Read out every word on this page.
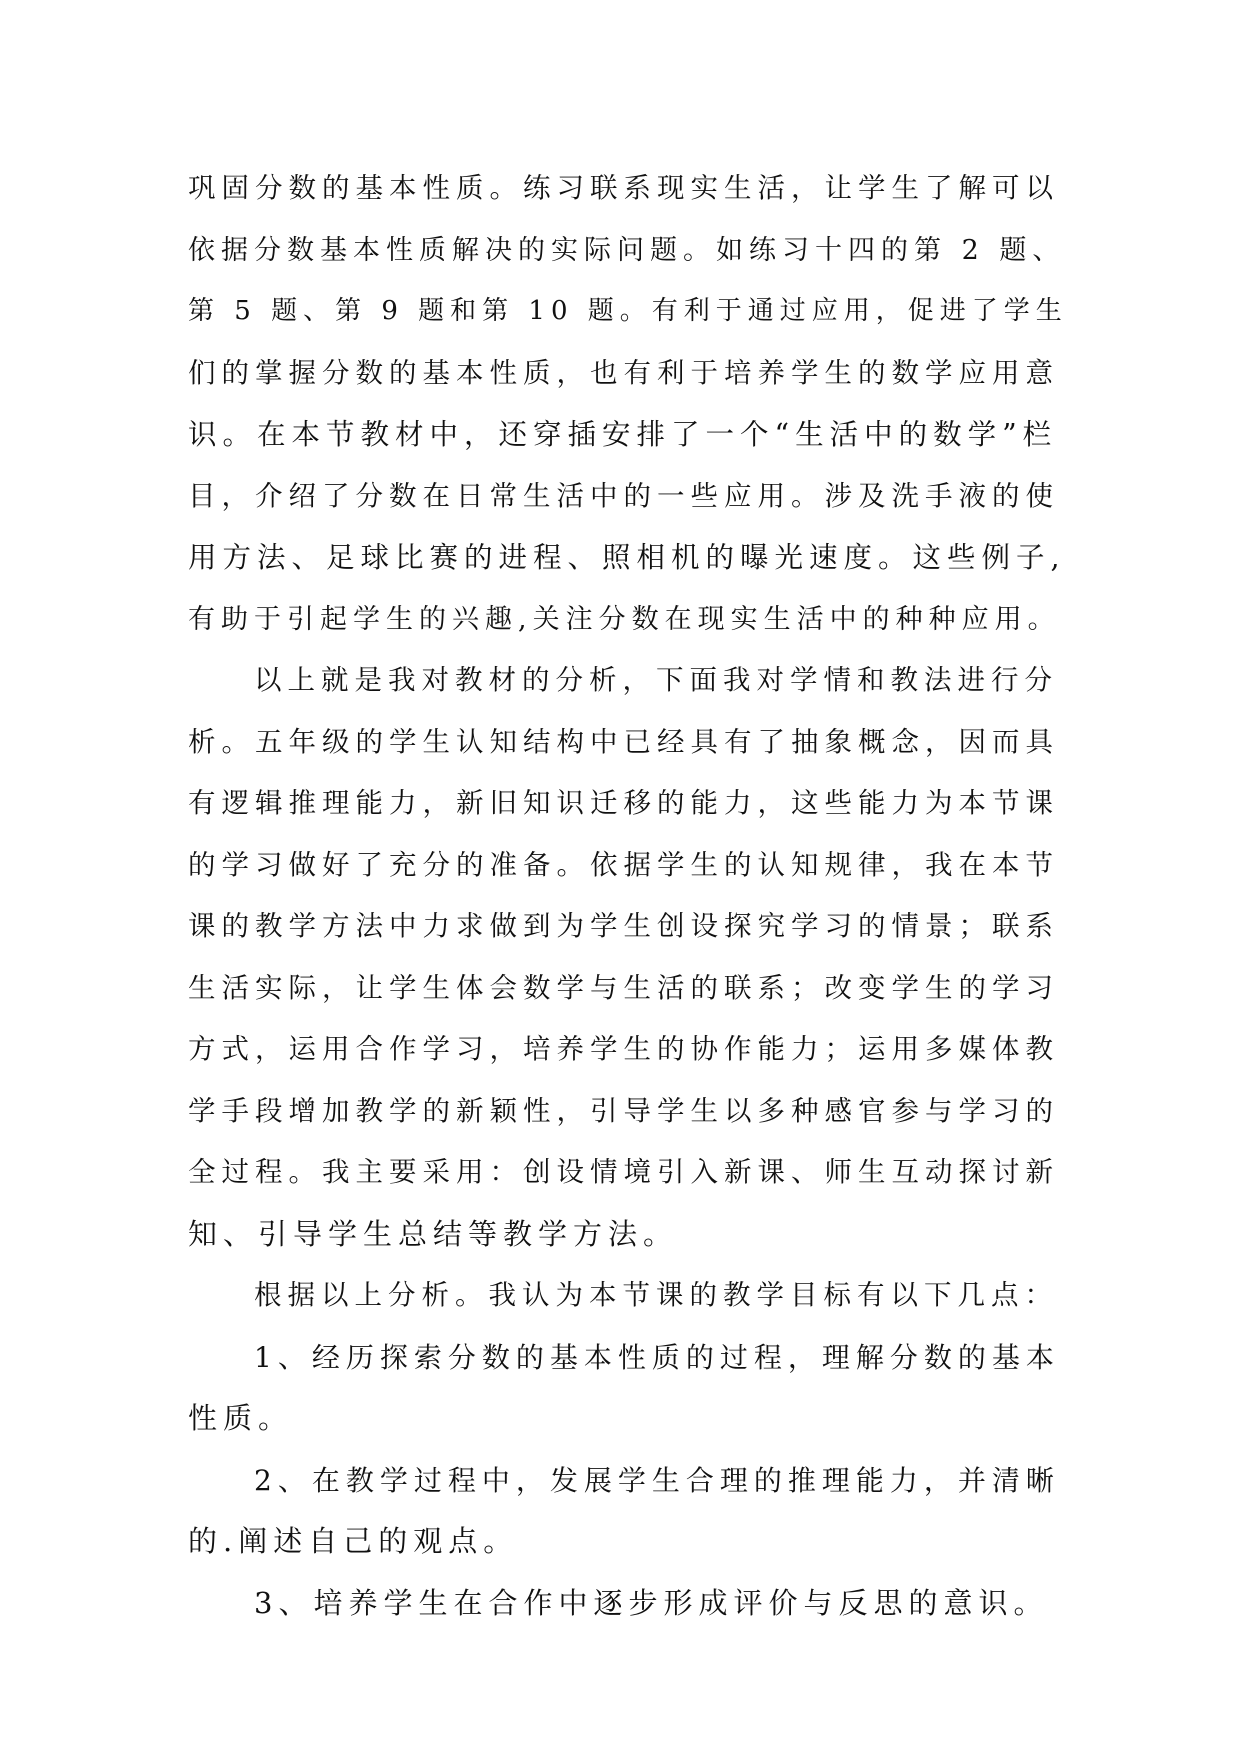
巩固分数的基本性质。练习联系现实生活，让学生了解可以
依据分数基本性质解决的实际问题。如练习十四的第 2 题、
第 5 题、第 9 题和第 10 题。有利于通过应用，促进了学生
们的掌握分数的基本性质，也有利于培养学生的数学应用意
识。在本节教材中，还穿插安排了一个“生活中的数学”栏
目，介绍了分数在日常生活中的一些应用。涉及洗手液的使
用方法、足球比赛的进程、照相机的曝光速度。这些例子,
有助于引起学生的兴趣,关注分数在现实生活中的种种应用。
以上就是我对教材的分析，下面我对学情和教法进行分
析。五年级的学生认知结构中已经具有了抽象概念，因而具
有逻辑推理能力，新旧知识迁移的能力，这些能力为本节课
的学习做好了充分的准备。依据学生的认知规律，我在本节
课的教学方法中力求做到为学生创设探究学习的情景；联系
生活实际，让学生体会数学与生活的联系；改变学生的学习
方式，运用合作学习，培养学生的协作能力；运用多媒体教
学手段增加教学的新颖性，引导学生以多种感官参与学习的
全过程。我主要采用：创设情境引入新课、师生互动探讨新
知、引导学生总结等教学方法。
根据以上分析。我认为本节课的教学目标有以下几点：
1、经历探索分数的基本性质的过程，理解分数的基本
性质。
2、在教学过程中，发展学生合理的推理能力，并清晰
的.阐述自己的观点。
3、培养学生在合作中逐步形成评价与反思的意识。
